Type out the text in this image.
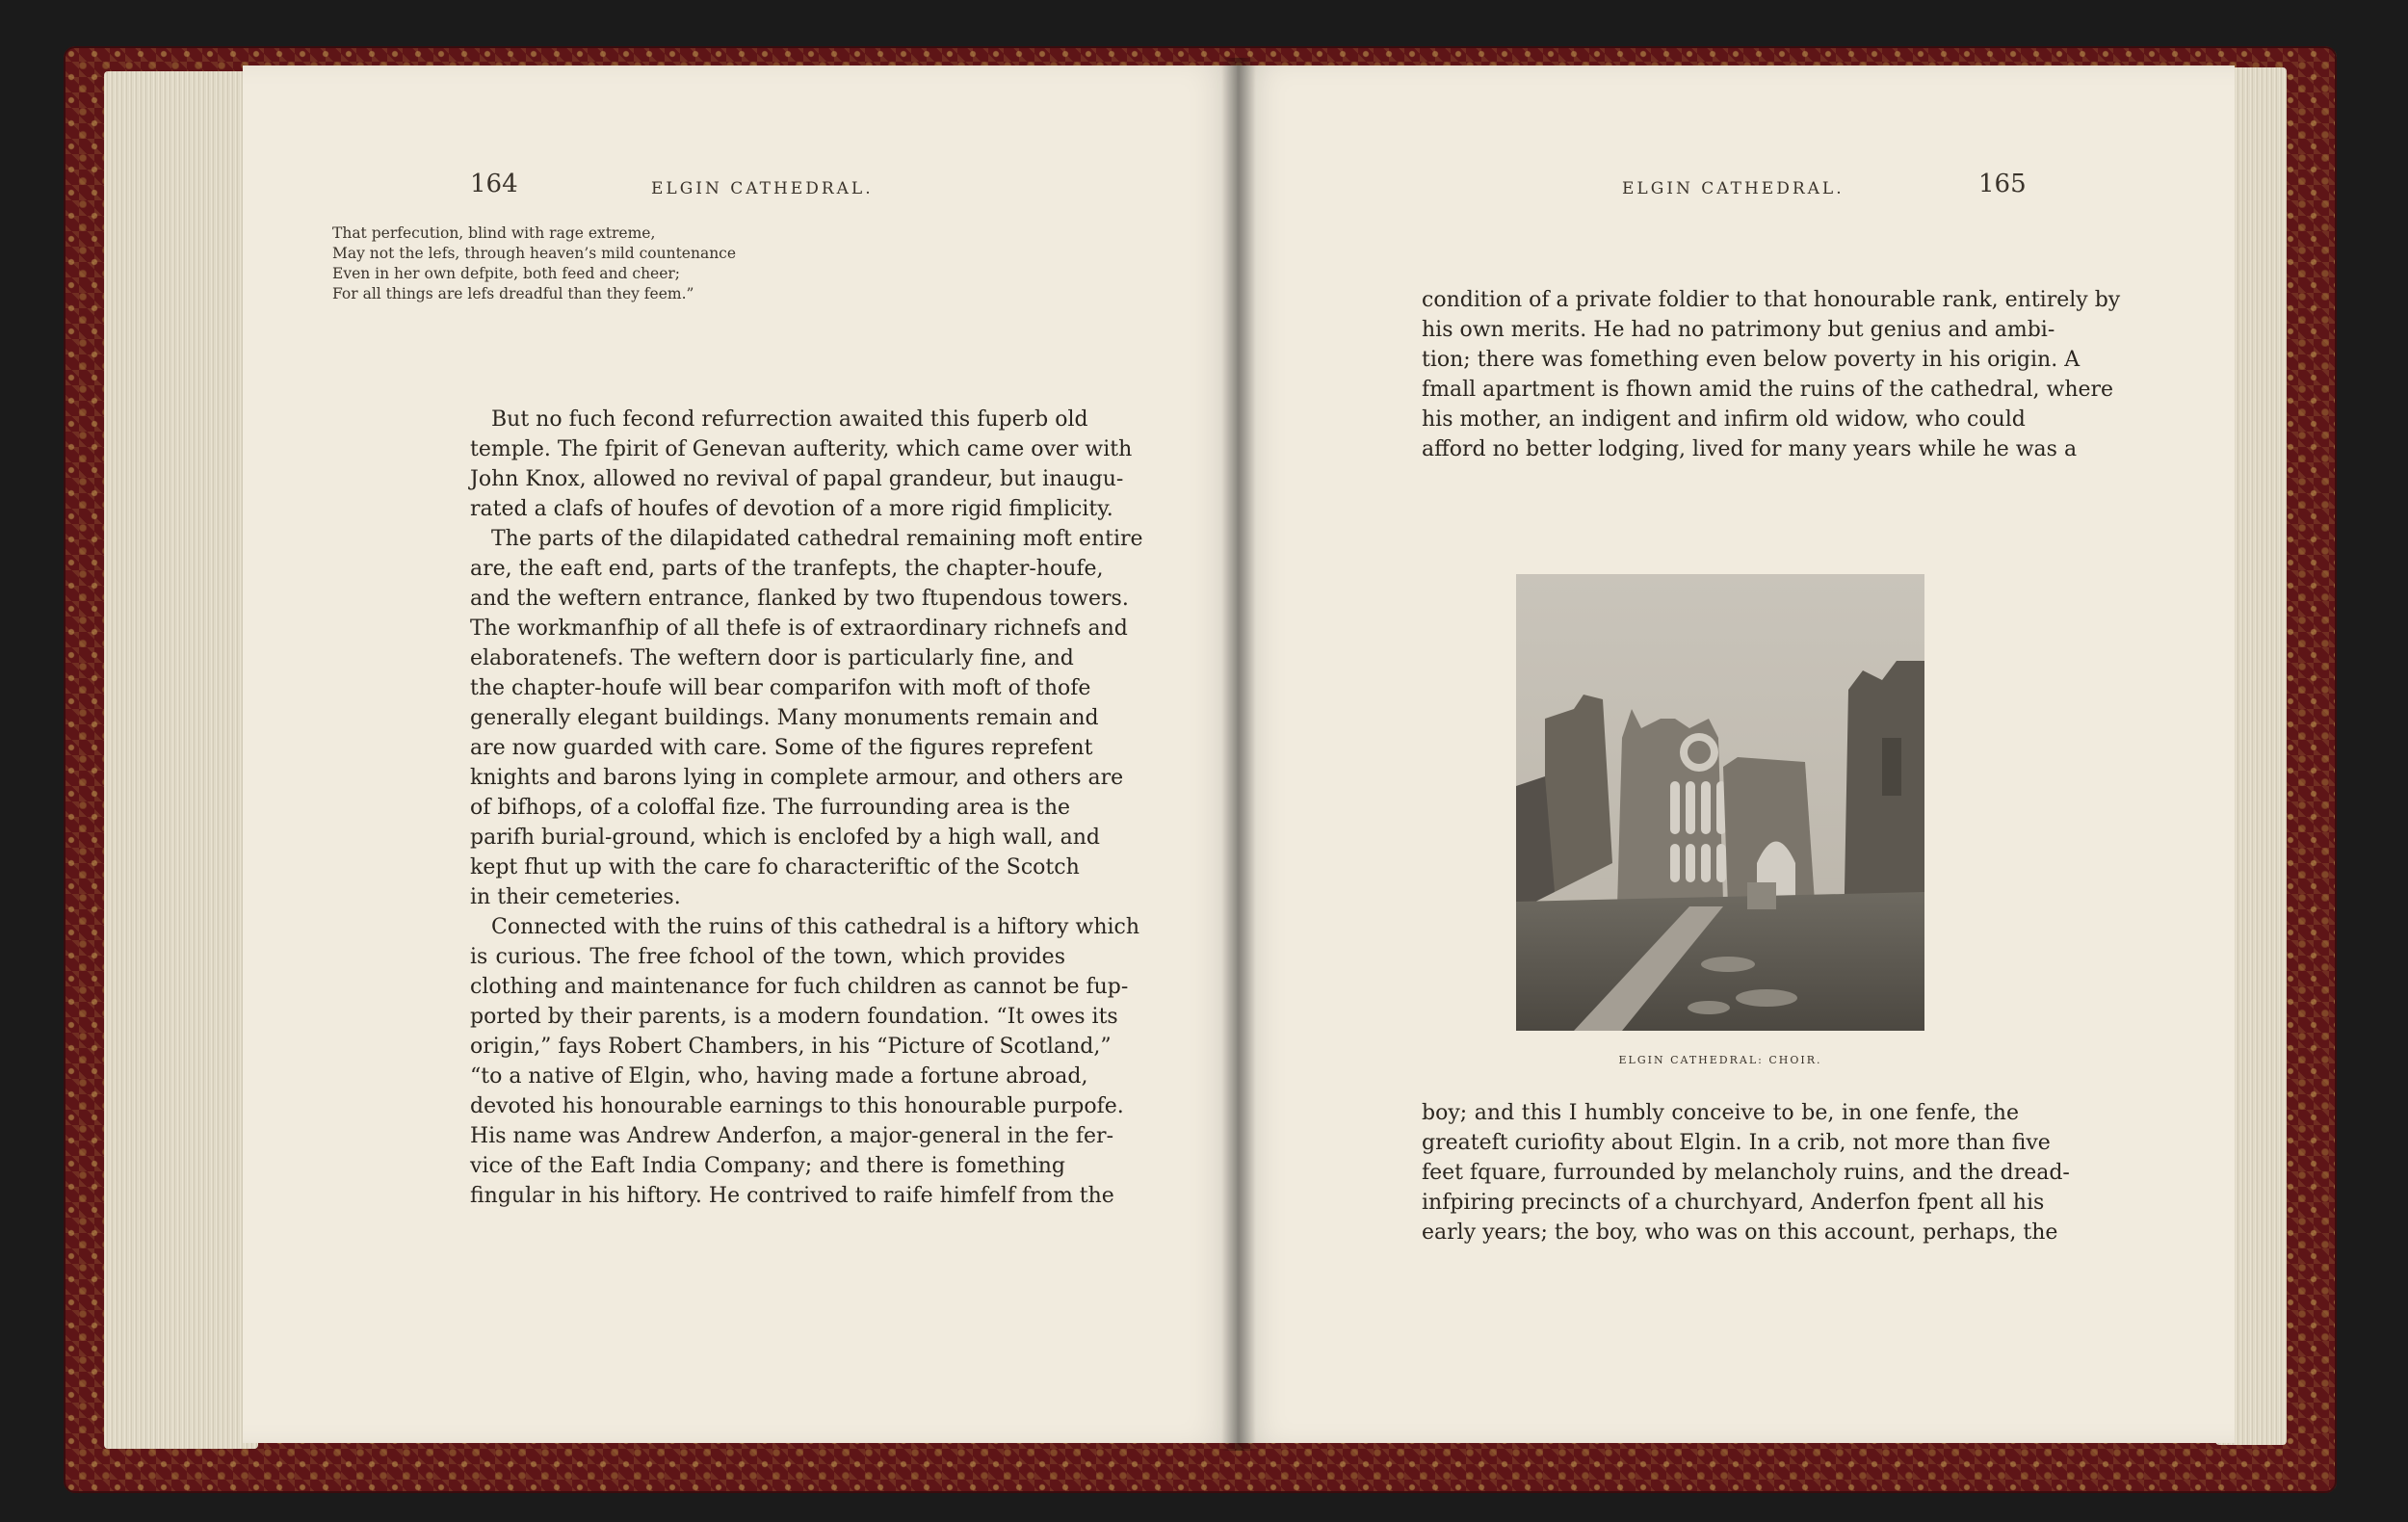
164	ELGIN CATHEDRAL.
That perfecution, blind with rage extreme,
May not the lefs, through heaven’s mild countenance
Even in her own defpite, both feed and cheer;
For all things are lefs dreadful than they feem.”
 But no fuch fecond refurrection awaited this fuperb old
temple. The fpirit of Genevan aufterity, which came over with
John Knox, allowed no revival of papal grandeur, but inaugu-
rated a clafs of houfes of devotion of a more rigid fimplicity.
 The parts of the dilapidated cathedral remaining moft entire
are, the eaft end, parts of the tranfepts, the chapter-houfe,
and the weftern entrance, flanked by two ftupendous towers.
The workmanfhip of all thefe is of extraordinary richnefs and
elaboratenefs. The weftern door is particularly fine, and
the chapter-houfe will bear comparifon with moft of thofe
generally elegant buildings. Many monuments remain and
are now guarded with care. Some of the figures reprefent
knights and barons lying in complete armour, and others are
of bifhops, of a coloffal fize. The furrounding area is the
parifh burial-ground, which is enclofed by a high wall, and
kept fhut up with the care fo characteriftic of the Scotch
in their cemeteries.
 Connected with the ruins of this cathedral is a hiftory which
is curious. The free fchool of the town, which provides
clothing and maintenance for fuch children as cannot be fup-
ported by their parents, is a modern foundation. “It owes its
origin,” fays Robert Chambers, in his “Picture of Scotland,”
“to a native of Elgin, who, having made a fortune abroad,
devoted his honourable earnings to this honourable purpofe.
His name was Andrew Anderfon, a major-general in the fer-
vice of the Eaft India Company; and there is fomething
fingular in his hiftory. He contrived to raife himfelf from the
ELGIN CATHEDRAL.	165
condition of a private foldier to that honourable rank, entirely by
his own merits. He had no patrimony but genius and ambi-
tion; there was fomething even below poverty in his origin. A
fmall apartment is fhown amid the ruins of the cathedral, where
his mother, an indigent and infirm old widow, who could
afford no better lodging, lived for many years while he was a
ELGIN CATHEDRAL: CHOIR.
boy; and this I humbly conceive to be, in one fenfe, the
greateft curiofity about Elgin. In a crib, not more than five
feet fquare, furrounded by melancholy ruins, and the dread-
infpiring precincts of a churchyard, Anderfon fpent all his
early years; the boy, who was on this account, perhaps, the
